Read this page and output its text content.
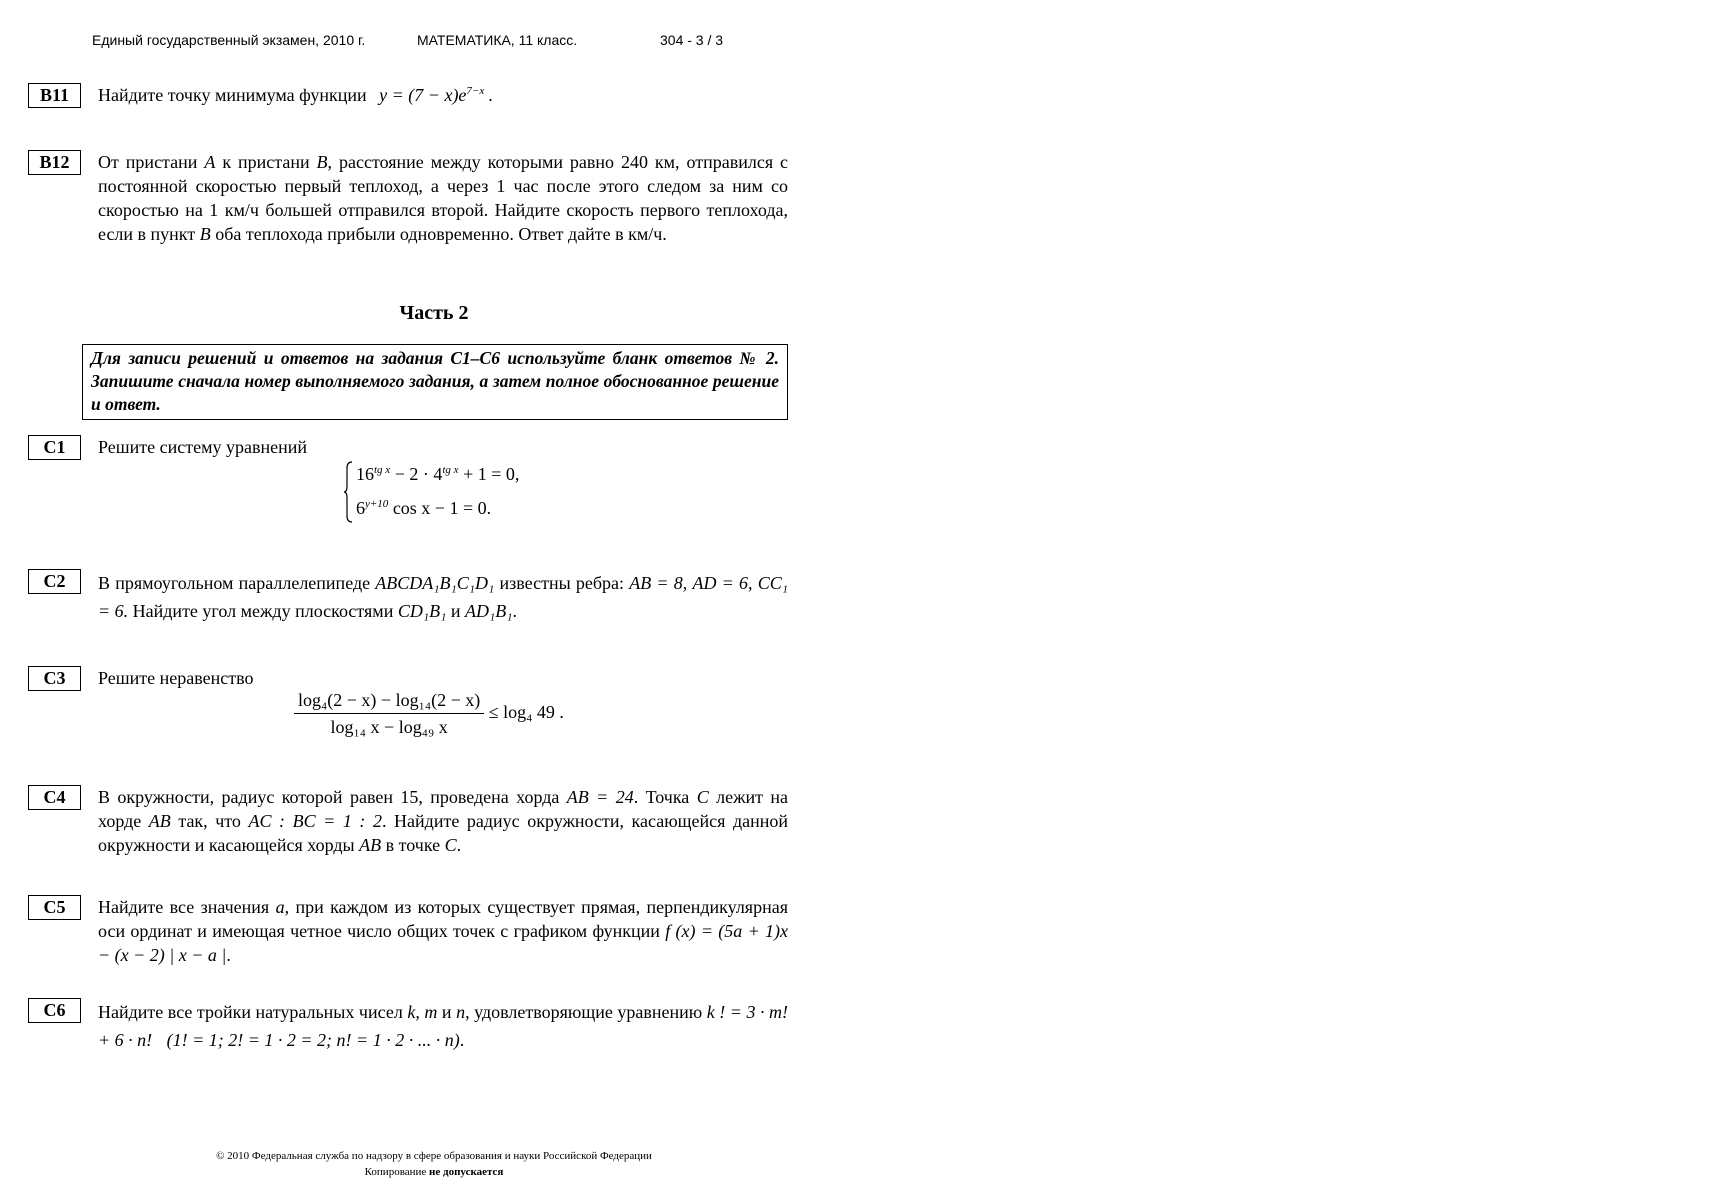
Единый государственный экзамен, 2010 г.	МАТЕМАТИКА, 11 класс.	304 - 3 / 3
B11	Найдите точку минимума функции $y = (7 - x)e^{7-x}$ .
B12	От пристани A к пристани B, расстояние между которыми равно 240 км, отправился с постоянной скоростью первый теплоход, а через 1 час после этого следом за ним со скоростью на 1 км/ч большей отправился второй. Найдите скорость первого теплохода, если в пункт B оба теплохода прибыли одновременно. Ответ дайте в км/ч.

Часть 2
Для записи решений и ответов на задания С1–С6 используйте бланк ответов № 2. Запишите сначала номер выполняемого задания, а затем полное обоснованное решение и ответ.
C1	Решите систему уравнений
$16^{tg x} - 2 \cdot 4^{tg x} + 1 = 0$,
$6^{y+10}$ cos x − 1 = 0.
C2	В прямоугольном параллелепипеде ABCDA₁B₁C₁D₁ известны ребра: AB = 8, AD = 6, CC₁ = 6. Найдите угол между плоскостями CD₁B₁ и AD₁B₁.
C3	Решите неравенство
$\frac{\text{log₄(2 − x) − log₁₄(2 − x)}}{\text{log₁₄ x − log₄₉ x}} \le \log_4$ 49 .
C4	В окружности, радиус которой равен 15, проведена хорда AB = 24. Точка C лежит на хорде AB так, что AC : BC = 1 : 2. Найдите радиус окружности, касающейся данной окружности и касающейся хорды AB в точке C.
C5	Найдите все значения a, при каждом из которых существует прямая, перпендикулярная оси ординат и имеющая четное число общих точек с графиком функции f (x) = (5a + 1)x − (x − 2) | x − a |.
C6	Найдите все тройки натуральных чисел k, m и n, удовлетворяющие уравнению k ! = 3 · m! + 6 · n! (1! = 1; 2! = 1 · 2 = 2; n! = 1 · 2 · ... · n).
© 2010 Федеральная служба по надзору в сфере образования и науки Российской Федерации
Копирование не допускается
